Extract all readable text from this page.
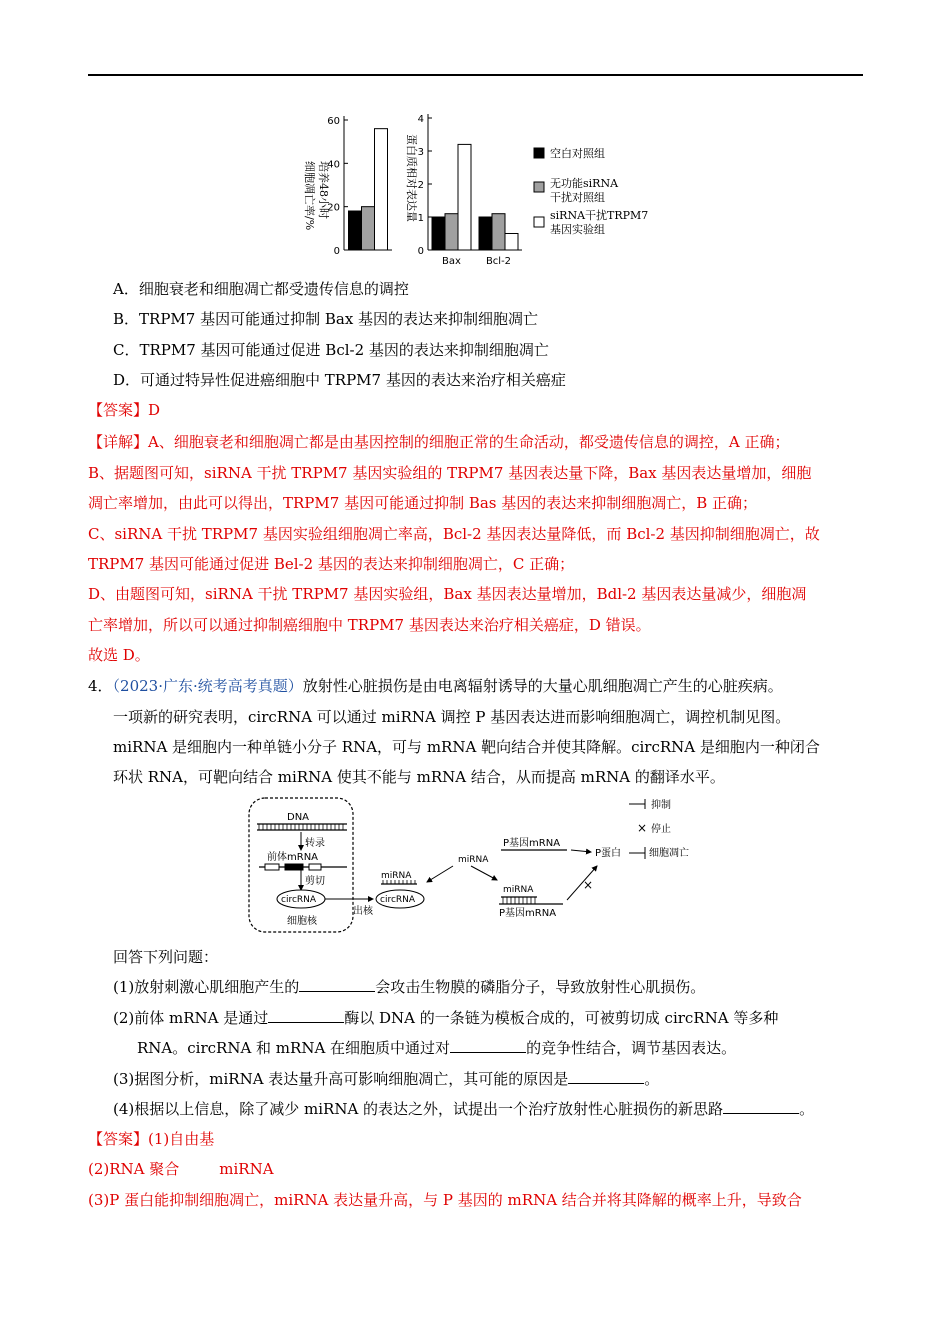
0
20
40
60
0
1
2
3
4
Bax Bcl-2
培养48小时
细胞凋亡率/%	蛋白质相对表达量	空白对照组
无功能siRNA
干扰对照组
siRNA干扰TRPM7
基因实验组
A．细胞衰老和细胞凋亡都受遗传信息的调控
B．TRPM7 基因可能通过抑制 Bax 基因的表达来抑制细胞凋亡
C．TRPM7 基因可能通过促进 Bcl-2 基因的表达来抑制细胞凋亡
D．可通过特异性促进癌细胞中 TRPM7 基因的表达来治疗相关癌症
【答案】D
【详解】A、细胞衰老和细胞凋亡都是由基因控制的细胞正常的生命活动，都受遗传信息的调控，A 正确；
B、据题图可知，siRNA 干扰 TRPM7 基因实验组的 TRPM7 基因表达量下降，Bax 基因表达量增加，细胞
凋亡率增加，由此可以得出，TRPM7 基因可能通过抑制 Bas 基因的表达来抑制细胞凋亡，B 正确；
C、siRNA 干扰 TRPM7 基因实验组细胞凋亡率高，Bcl-2 基因表达量降低，而 Bcl-2 基因抑制细胞凋亡，故
TRPM7 基因可能通过促进 Bel-2 基因的表达来抑制细胞凋亡，C 正确；
D、由题图可知，siRNA 干扰 TRPM7 基因实验组，Bax 基因表达量增加，Bdl-2 基因表达量减少，细胞凋
亡率增加，所以可以通过抑制癌细胞中 TRPM7 基因表达来治疗相关癌症，D 错误。
故选 D。
4．（2023·广东·统考高考真题）放射性心脏损伤是由电离辐射诱导的大量心肌细胞凋亡产生的心脏疾病。
一项新的研究表明，circRNA 可以通过 miRNA 调控 P 基因表达进而影响细胞凋亡，调控机制见图。
miRNA 是细胞内一种单链小分子 RNA，可与 mRNA 靶向结合并使其降解。circRNA 是细胞内一种闭合
环状 RNA，可靶向结合 miRNA 使其不能与 mRNA 结合，从而提高 mRNA 的翻译水平。
DNA
转录
前体mRNA
剪切
circRNA
细胞核
出核
miRNA
circRNA
miRNA
miRNA
P基因mRNA
P基因mRNA
P蛋白	细胞凋亡
×
抑制
× 停止
回答下列问题：
(1)放射刺激心肌细胞产生的	会攻击生物膜的磷脂分子，导致放射性心肌损伤。
(2)前体 mRNA 是通过	酶以 DNA 的一条链为模板合成的，可被剪切成 circRNA 等多种
RNA。circRNA 和 mRNA 在细胞质中通过对	的竞争性结合，调节基因表达。
(3)据图分析，miRNA 表达量升高可影响细胞凋亡，其可能的原因是	。
(4)根据以上信息，除了减少 miRNA 的表达之外，试提出一个治疗放射性心脏损伤的新思路	。
【答案】(1)自由基
(2)RNA 聚合	miRNA
(3)P 蛋白能抑制细胞凋亡，miRNA 表达量升高，与 P 基因的 mRNA 结合并将其降解的概率上升，导致合
